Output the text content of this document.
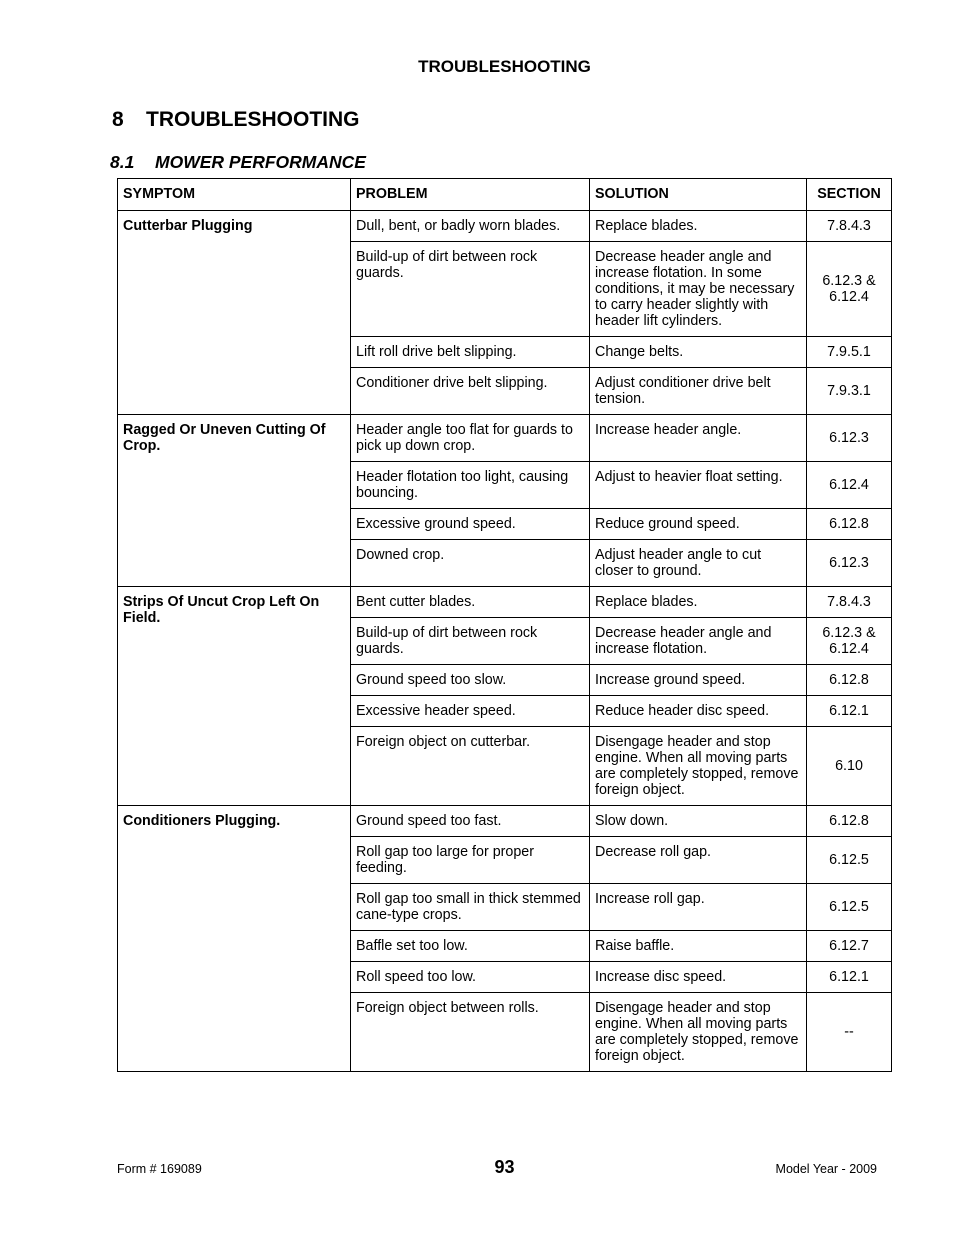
TROUBLESHOOTING
8 TROUBLESHOOTING
8.1 MOWER PERFORMANCE
SYMPTOM	PROBLEM	SOLUTION	SECTION
Cutterbar Plugging	Dull, bent, or badly worn blades.	Replace blades.	7.8.4.3
	Build-up of dirt between rock guards.	Decrease header angle and increase flotation. In some conditions, it may be necessary to carry header slightly with header lift cylinders.	6.12.3 & 6.12.4
	Lift roll drive belt slipping.	Change belts.	7.9.5.1
	Conditioner drive belt slipping.	Adjust conditioner drive belt tension.	7.9.3.1
Ragged Or Uneven Cutting Of Crop.	Header angle too flat for guards to pick up down crop.	Increase header angle.	6.12.3
	Header flotation too light, causing bouncing.	Adjust to heavier float setting.	6.12.4
	Excessive ground speed.	Reduce ground speed.	6.12.8
	Downed crop.	Adjust header angle to cut closer to ground.	6.12.3
Strips Of Uncut Crop Left On Field.	Bent cutter blades.	Replace blades.	7.8.4.3
	Build-up of dirt between rock guards.	Decrease header angle and increase flotation.	6.12.3 & 6.12.4
	Ground speed too slow.	Increase ground speed.	6.12.8
	Excessive header speed.	Reduce header disc speed.	6.12.1
	Foreign object on cutterbar.	Disengage header and stop engine. When all moving parts are completely stopped, remove foreign object.	6.10
Conditioners Plugging.	Ground speed too fast.	Slow down.	6.12.8
	Roll gap too large for proper feeding.	Decrease roll gap.	6.12.5
	Roll gap too small in thick stemmed cane-type crops.	Increase roll gap.	6.12.5
	Baffle set too low.	Raise baffle.	6.12.7
	Roll speed too low.	Increase disc speed.	6.12.1
	Foreign object between rolls.	Disengage header and stop engine. When all moving parts are completely stopped, remove foreign object.	--
Form # 169089	93	Model Year - 2009
